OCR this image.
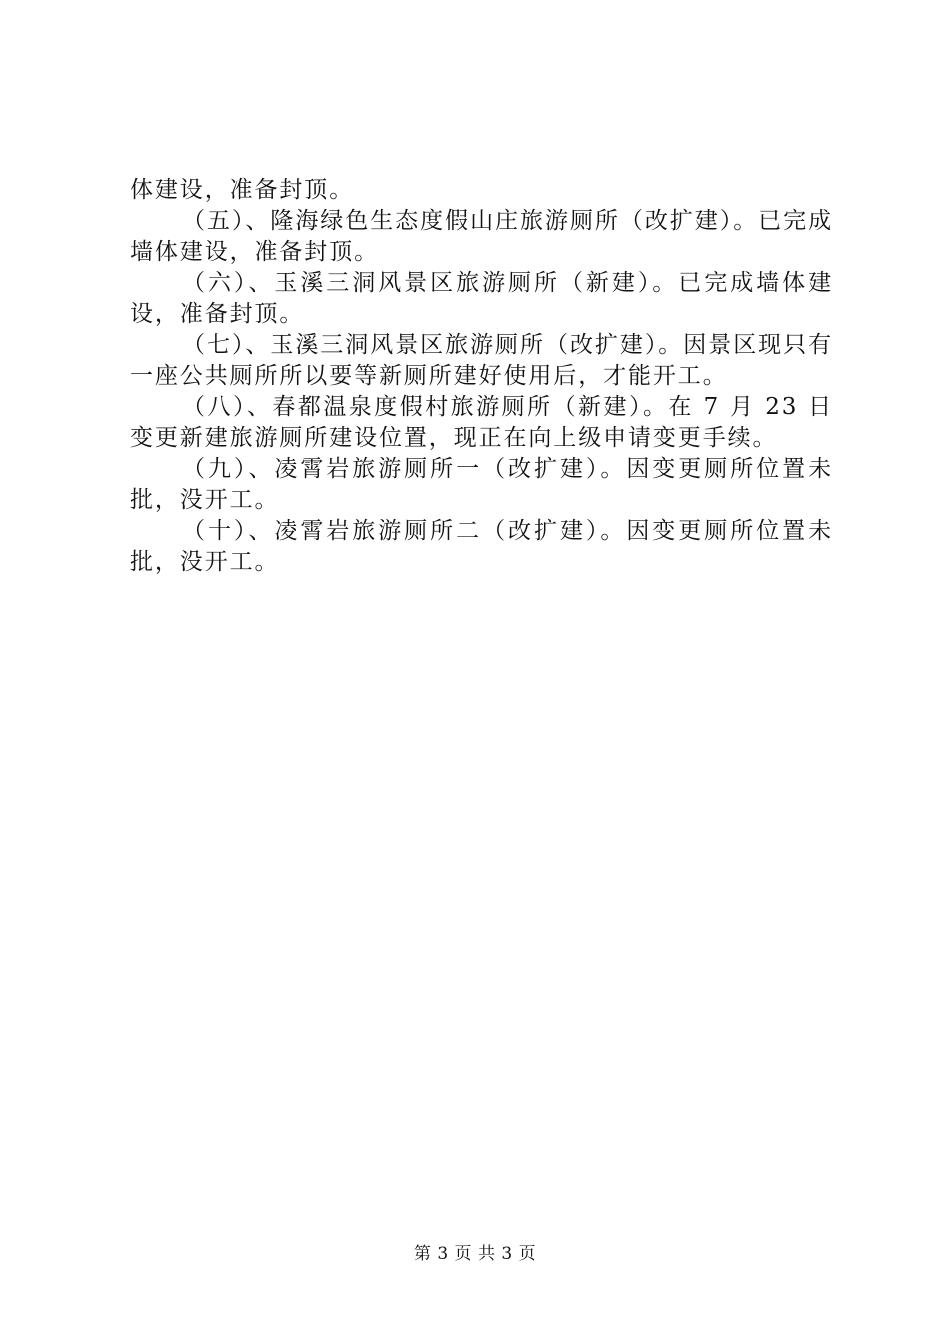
体建设，准备封顶。

（五）、隆海绿色生态度假山庄旅游厕所（改扩建）。已完成墙体建设，准备封顶。

（六）、玉溪三洞风景区旅游厕所（新建）。已完成墙体建设，准备封顶。

（七）、玉溪三洞风景区旅游厕所（改扩建）。因景区现只有一座公共厕所所以要等新厕所建好使用后，才能开工。

（八）、春都温泉度假村旅游厕所（新建）。在 7 月 23 日变更新建旅游厕所建设位置，现正在向上级申请变更手续。

（九）、凌霄岩旅游厕所一（改扩建）。因变更厕所位置未批，没开工。

（十）、凌霄岩旅游厕所二（改扩建）。因变更厕所位置未批，没开工。

第 3 页 共 3 页
